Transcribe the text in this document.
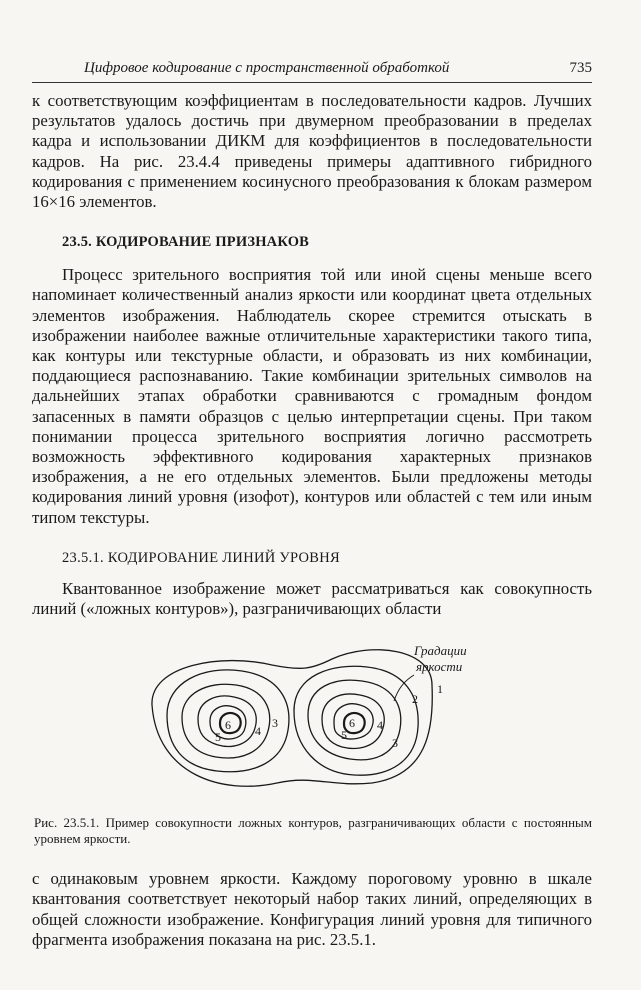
Цифровое кодирование с пространственной обработкой	735

к соответствующим коэффициентам в последовательности кадров. Лучших результатов удалось достичь при двумерном преобразовании в пределах кадра и использовании ДИКМ для коэффициентов в последовательности кадров. На рис. 23.4.4 приведены примеры адаптивного гибридного кодирования с применением косинусного преобразования к блокам размером 16×16 элементов.

23.5. КОДИРОВАНИЕ ПРИЗНАКОВ

Процесс зрительного восприятия той или иной сцены меньше всего напоминает количественный анализ яркости или координат цвета отдельных элементов изображения. Наблюдатель скорее стремится отыскать в изображении наиболее важные отличительные характеристики такого типа, как контуры или текстурные области, и образовать из них комбинации, поддающиеся распознаванию. Такие комбинации зрительных символов на дальнейших этапах обработки сравниваются с громадным фондом запасенных в памяти образцов с целью интерпретации сцены. При таком понимании процесса зрительного восприятия логично рассмотреть возможность эффективного кодирования характерных признаков изображения, а не его отдельных элементов. Были предложены методы кодирования линий уровня (изофот), контуров или областей с тем или иным типом текстуры.

23.5.1. КОДИРОВАНИЕ ЛИНИЙ УРОВНЯ

Квантованное изображение может рассматриваться как совокупность линий («ложных контуров»), разграничивающих области

1
2
3
3
4	4
5	5
6	6
Градации
яркости

Рис. 23.5.1. Пример совокупности ложных контуров, разграничивающих области с постоянным уровнем яркости.

с одинаковым уровнем яркости. Каждому пороговому уровню в шкале квантования соответствует некоторый набор таких линий, определяющих в общей сложности изображение. Конфигурация линий уровня для типичного фрагмента изображения показана на рис. 23.5.1.
